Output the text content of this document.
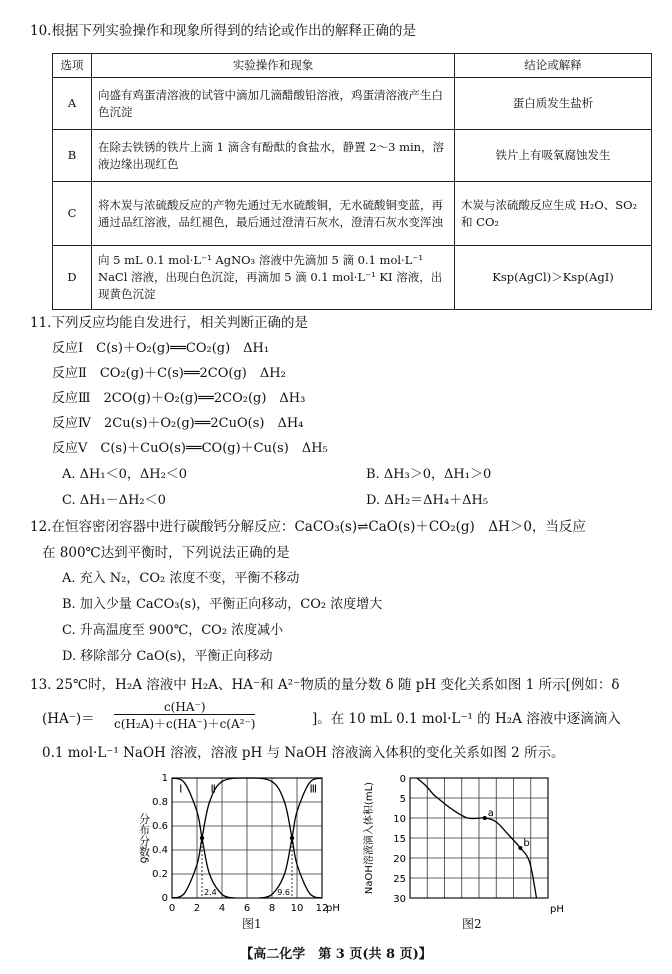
10.根据下列实验操作和现象所得到的结论或作出的解释正确的是
选项	实验操作和现象	结论或解释
A	向盛有鸡蛋清溶液的试管中滴加几滴醋酸铅溶液，鸡蛋清溶液产生白色沉淀	蛋白质发生盐析
B	在除去铁锈的铁片上滴 1 滴含有酚酞的食盐水，静置 2～3 min，溶液边缘出现红色	铁片上有吸氧腐蚀发生
C	将木炭与浓硫酸反应的产物先通过无水硫酸铜，无水硫酸铜变蓝，再通过品红溶液，品红褪色，最后通过澄清石灰水，澄清石灰水变浑浊	木炭与浓硫酸反应生成 H₂O、SO₂ 和 CO₂
D	向 5 mL 0.1 mol·L⁻¹ AgNO₃ 溶液中先滴加 5 滴 0.1 mol·L⁻¹ NaCl 溶液，出现白色沉淀，再滴加 5 滴 0.1 mol·L⁻¹ KI 溶液，出现黄色沉淀	Ksp(AgCl)＞Ksp(AgI)
11.下列反应均能自发进行，相关判断正确的是
反应Ⅰ　C(s)＋O₂(g)══CO₂(g)　ΔH₁
反应Ⅱ　CO₂(g)＋C(s)══2CO(g)　ΔH₂
反应Ⅲ　2CO(g)＋O₂(g)══2CO₂(g)　ΔH₃
反应Ⅳ　2Cu(s)＋O₂(g)══2CuO(s)　ΔH₄
反应Ⅴ　C(s)＋CuO(s)══CO(g)＋Cu(s)　ΔH₅
A. ΔH₁＜0，ΔH₂＜0	B. ΔH₃＞0，ΔH₁＞0
C. ΔH₁－ΔH₂＜0	D. ΔH₂＝ΔH₄＋ΔH₅
12.在恒容密闭容器中进行碳酸钙分解反应：CaCO₃(s)⇌CaO(s)＋CO₂(g)　ΔH＞0，当反应
在 800℃达到平衡时，下列说法正确的是
A. 充入 N₂，CO₂ 浓度不变，平衡不移动
B. 加入少量 CaCO₃(s)，平衡正向移动，CO₂ 浓度增大
C. 升高温度至 900℃，CO₂ 浓度减小
D. 移除部分 CaO(s)，平衡正向移动
13. 25℃时，H₂A 溶液中 H₂A、HA⁻和 A²⁻物质的量分数 δ 随 pH 变化关系如图 1 所示[例如：δ
$(HA^-)= \frac{c(HA^-)}{\text{c(H₂A)＋c(HA⁻)＋c(A²⁻)}}$	]。在 10 mL 0.1 mol·L⁻¹ 的 H₂A 溶液中逐滴滴入
0.1 mol·L⁻¹ NaOH 溶液，溶液 pH 与 NaOH 溶液滴入体积的变化关系如图 2 所示。
0 2 4 6 8 10 12
1
0.8
0.6
0.4
0.2
0
pH
分布分数δ
Ⅰ	Ⅱ	Ⅲ
2.4	9.6
图1
0
5
10
15
20
25
30
pH
NaOH溶液滴入体积(mL)	a
b
图2
【高二化学　第 3 页(共 8 页)】
